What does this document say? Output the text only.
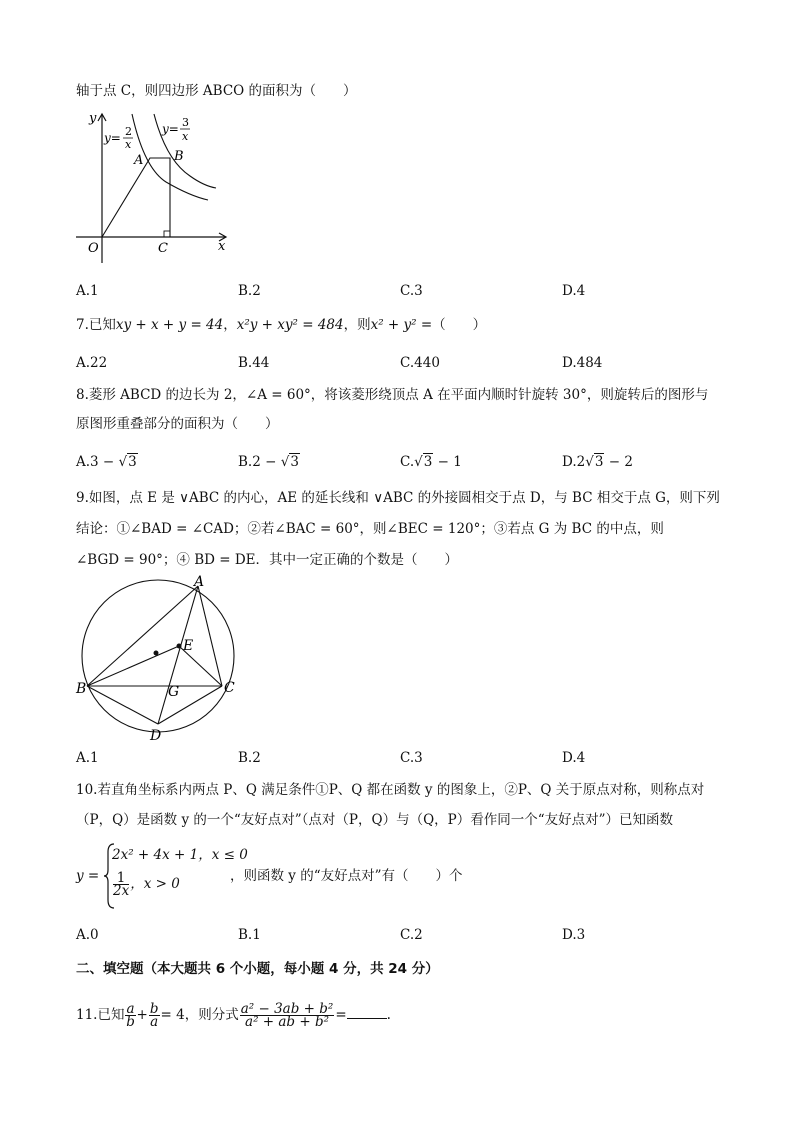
轴于点 C，则四边形 ABCO 的面积为（　　）
x
y
O
A B
C
y= 2
x
y= 3
x
A.1	B.2	C.3	D.4
7.已知xy + x + y = 44，x²y + xy² = 484，则x² + y² =（　　）
A.22	B.44	C.440	D.484
8.菱形 ABCD 的边长为 2，∠A = 60°，将该菱形绕顶点 A 在平面内顺时针旋转 30°，则旋转后的图形与
原图形重叠部分的面积为（　　）
A.3 − √3	B.2 − √3	C.√3 − 1	D.2√3 − 2
9.如图，点 E 是 ∨ABC 的内心，AE 的延长线和 ∨ABC 的外接圆相交于点 D，与 BC 相交于点 G，则下列
结论：①∠BAD = ∠CAD；②若∠BAC = 60°，则∠BEC = 120°；③若点 G 为 BC 的中点，则
∠BGD = 90°；④ BD = DE．其中一定正确的个数是（　　）
A
B	C
D
E
G
A.1	B.2	C.3	D.4
10.若直角坐标系内两点 P、Q 满足条件①P、Q 都在函数 y 的图象上，②P、Q 关于原点对称，则称点对
（P，Q）是函数 y 的一个“友好点对”（点对（P，Q）与（Q，P）看作同一个“友好点对”）已知函数
y =
2x² + 4x + 1，x ≤ 0
$\frac{1}{2x}$ ，x > 0	，则函数 y 的“友好点对”有（　　）个
A.0	B.1	C.2	D.3
二、填空题（本大题共 6 个小题，每小题 4 分，共 24 分）
11.已知 $\frac{a}{b} + \frac{b}{a} = 4$，则分式 $\frac{\text{a² − 3ab + b²}}{\text{a² + ab + b²}}$ =	.
